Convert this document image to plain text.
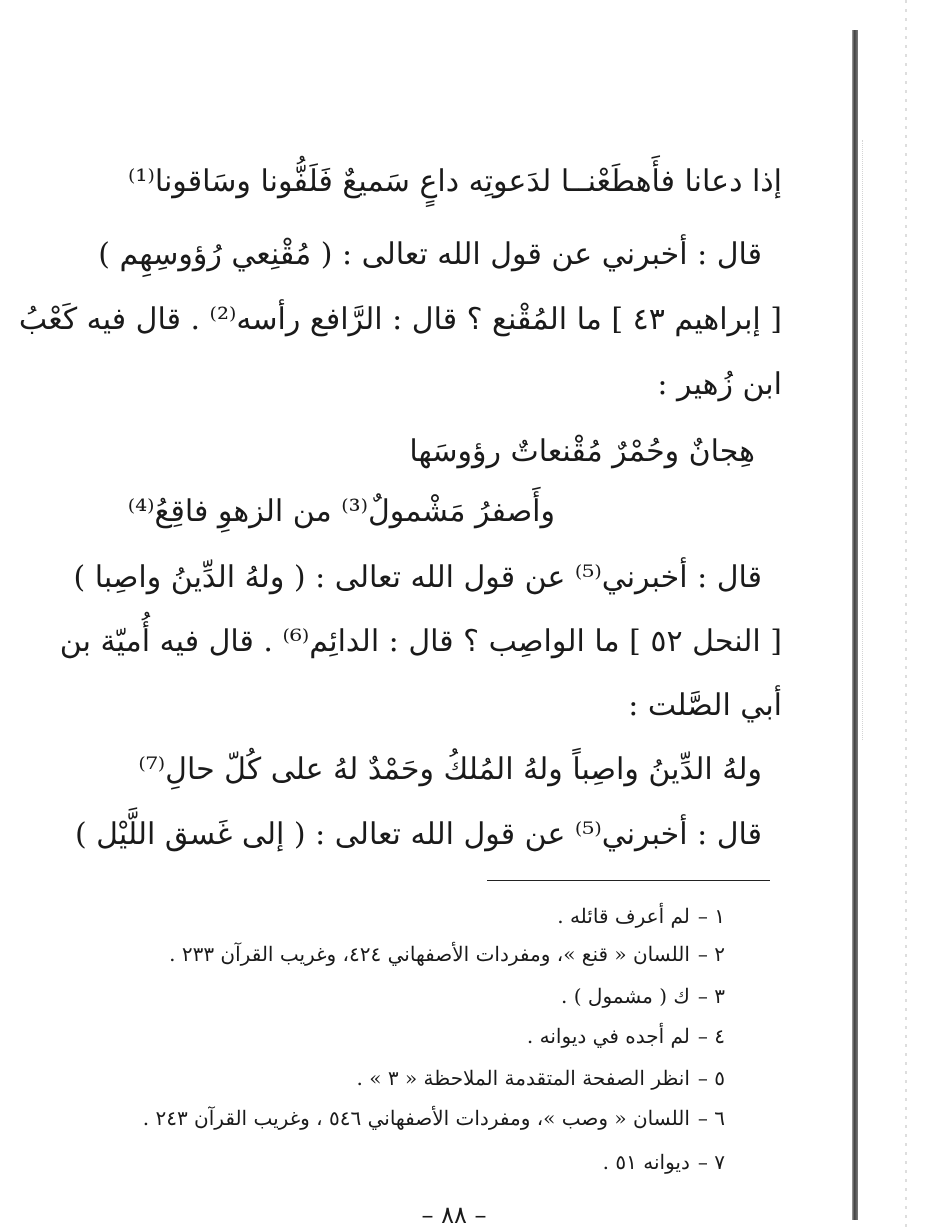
إذا دعانا فأَهطَعْنــا لدَعوتِه داعٍ سَميعٌ فَلَفُّونا وسَاقونا⁽¹⁾
قال : أخبرني عن قول الله تعالى : ( مُقْنِعي رُؤوسِهِم )
[ إبراهيم ٤٣ ] ما المُقْنع ؟ قال : الرَّافع رأسه⁽²⁾ . قال فيه كَعْبُ
ابن زُهير :
هِجانٌ وحُمْرٌ مُقْنعاتٌ رؤوسَها
وأَصفرُ مَشْمولٌ⁽³⁾ من الزهوِ فاقِعُ⁽⁴⁾
قال : أخبرني⁽⁵⁾ عن قول الله تعالى : ( ولهُ الدِّينُ واصِبا )
[ النحل ٥٢ ] ما الواصِب ؟ قال : الدائِم⁽⁶⁾ . قال فيه أُميّة بن
أبي الصَّلت :
ولهُ الدِّينُ واصِباً ولهُ المُلكُ وحَمْدٌ لهُ على كُلّ حالِ⁽⁷⁾
قال : أخبرني⁽⁵⁾ عن قول الله تعالى : ( إلى غَسق اللَّيْل )
١ –لم أعرف قائله .
٢ –اللسان « قنع »، ومفردات الأصفهاني ٤٢٤، وغريب القرآن ٢٣٣ .
٣ –ك ( مشمول ) .
٤ –لم أجده في ديوانه .
٥ –انظر الصفحة المتقدمة الملاحظة « ٣ » .
٦ –اللسان « وصب »، ومفردات الأصفهاني ٥٤٦ ، وغريب القرآن ٢٤٣ .
٧ –ديوانه ٥١ .
– ٨٨ –
